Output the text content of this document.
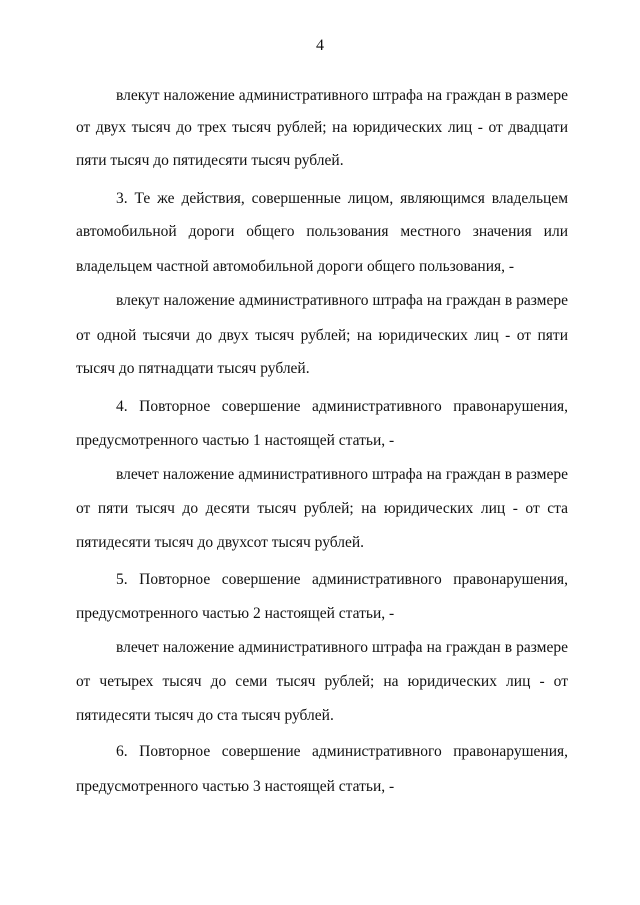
4
влекут наложение административного штрафа на граждан в размере
от двух тысяч до трех тысяч рублей; на юридических лиц - от двадцати
пяти тысяч до пятидесяти тысяч рублей.
3. Те же действия, совершенные лицом, являющимся владельцем
автомобильной дороги общего пользования местного значения или
владельцем частной автомобильной дороги общего пользования, -
влекут наложение административного штрафа на граждан в размере
от одной тысячи до двух тысяч рублей; на юридических лиц - от пяти
тысяч до пятнадцати тысяч рублей.
4. Повторное совершение административного правонарушения,
предусмотренного частью 1 настоящей статьи, -
влечет наложение административного штрафа на граждан в размере
от пяти тысяч до десяти тысяч рублей; на юридических лиц - от ста
пятидесяти тысяч до двухсот тысяч рублей.
5. Повторное совершение административного правонарушения,
предусмотренного частью 2 настоящей статьи, -
влечет наложение административного штрафа на граждан в размере
от четырех тысяч до семи тысяч рублей; на юридических лиц - от
пятидесяти тысяч до ста тысяч рублей.
6. Повторное совершение административного правонарушения,
предусмотренного частью 3 настоящей статьи, -
